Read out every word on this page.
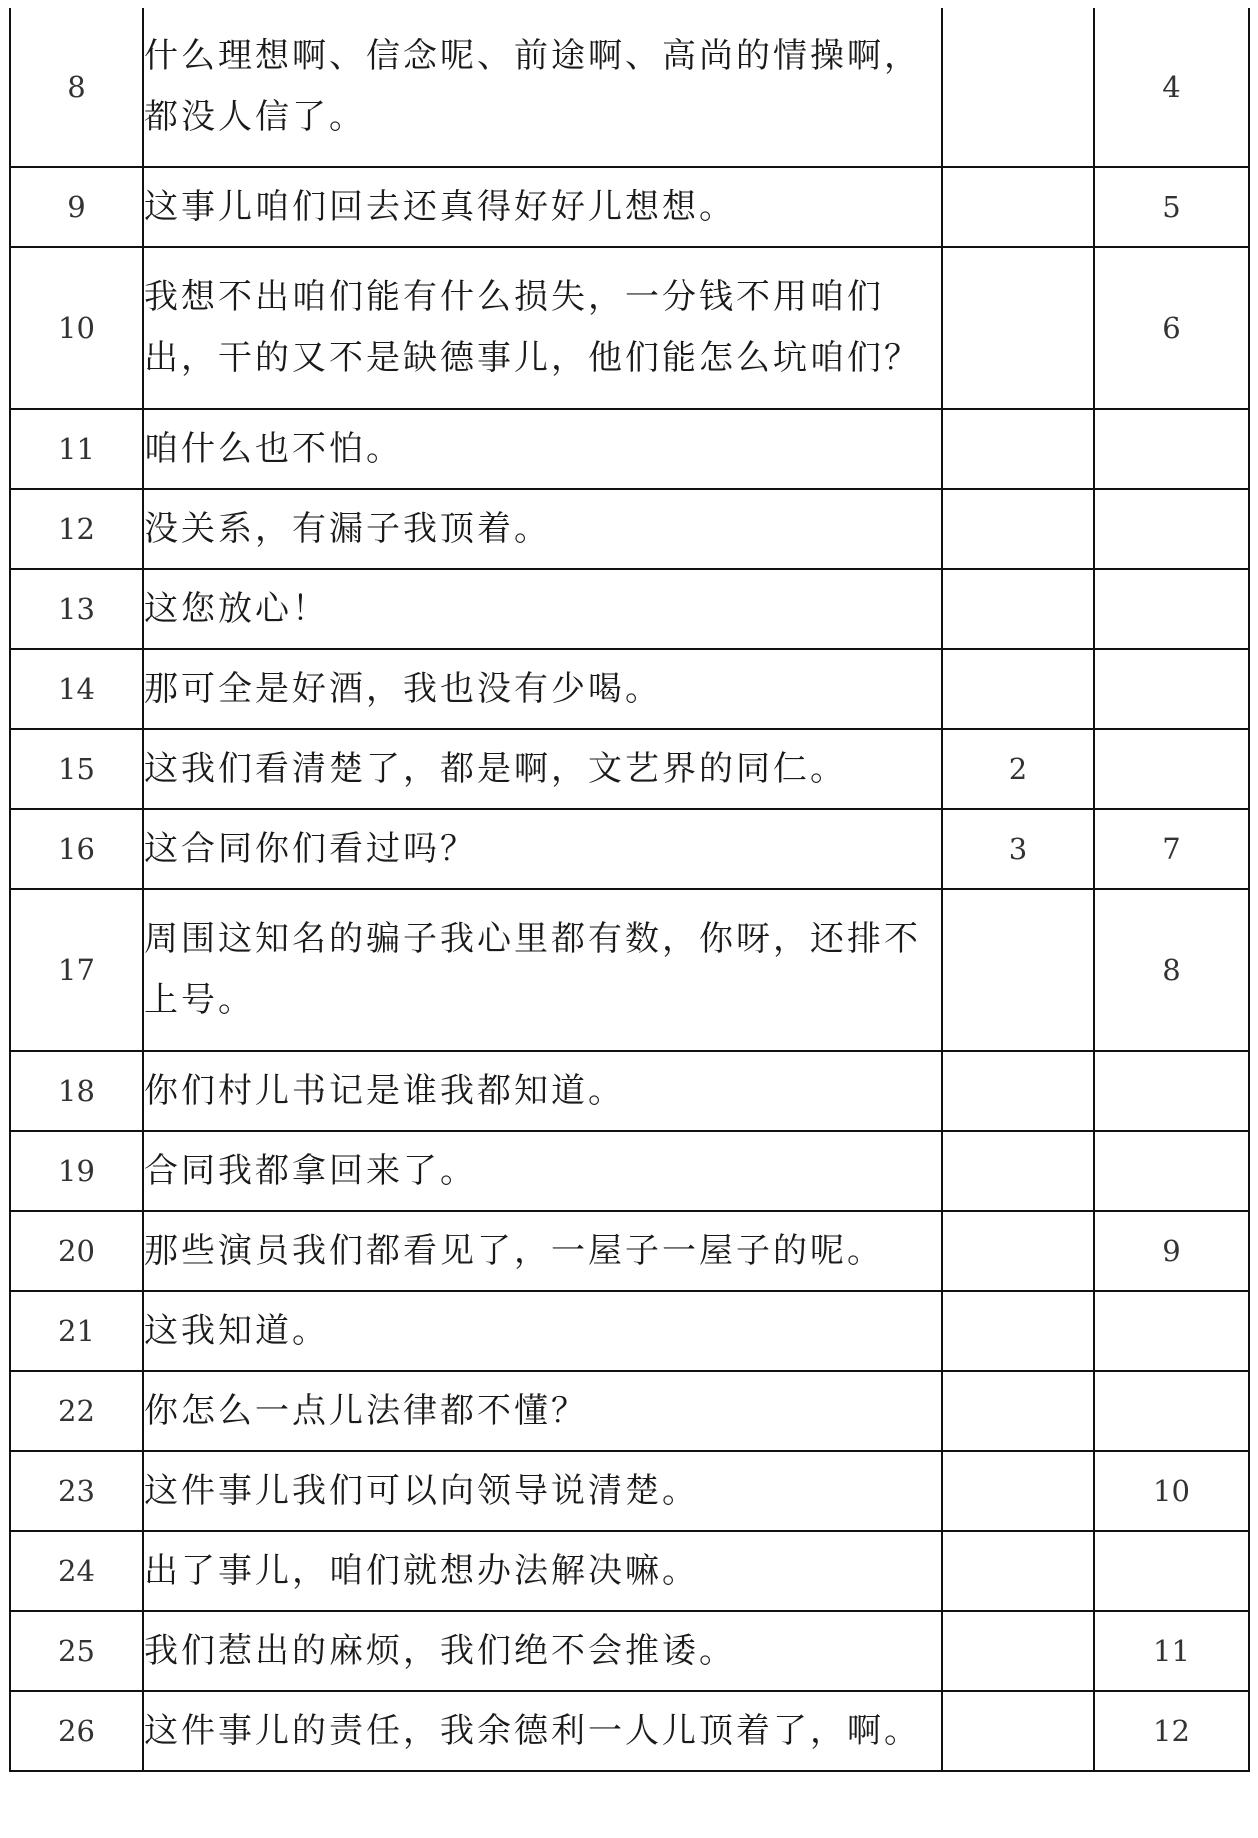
8	什么理想啊、信念呢、前途啊、高尚的情操啊，都没人信了。		4
9	这事儿咱们回去还真得好好儿想想。		5
10	我想不出咱们能有什么损失，一分钱不用咱们出，干的又不是缺德事儿，他们能怎么坑咱们？		6
11	咱什么也不怕。		
12	没关系，有漏子我顶着。		
13	这您放心！		
14	那可全是好酒，我也没有少喝。		
15	这我们看清楚了，都是啊，文艺界的同仁。	2	
16	这合同你们看过吗？	3	7
17	周围这知名的骗子我心里都有数，你呀，还排不上号。		8
18	你们村儿书记是谁我都知道。		
19	合同我都拿回来了。		
20	那些演员我们都看见了，一屋子一屋子的呢。		9
21	这我知道。		
22	你怎么一点儿法律都不懂？		
23	这件事儿我们可以向领导说清楚。		10
24	出了事儿，咱们就想办法解决嘛。		
25	我们惹出的麻烦，我们绝不会推诿。		11
26	这件事儿的责任，我余德利一人儿顶着了，啊。		12
